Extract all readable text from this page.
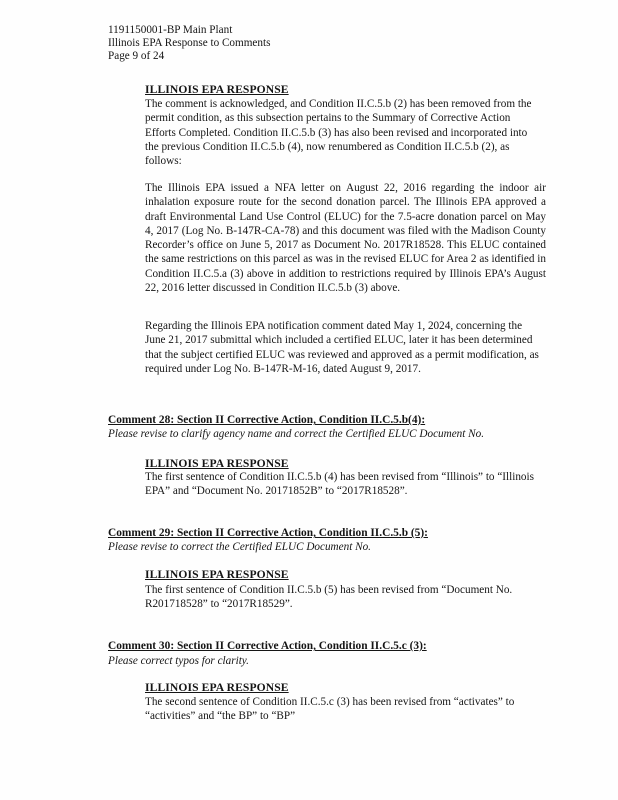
1191150001-BP Main Plant
Illinois EPA Response to Comments
Page 9 of 24
ILLINOIS EPA RESPONSE
The comment is acknowledged, and Condition II.C.5.b (2) has been removed from the permit condition, as this subsection pertains to the Summary of Corrective Action Efforts Completed. Condition II.C.5.b (3) has also been revised and incorporated into the previous Condition II.C.5.b (4), now renumbered as Condition II.C.5.b (2), as follows:
The Illinois EPA issued a NFA letter on August 22, 2016 regarding the indoor air inhalation exposure route for the second donation parcel. The Illinois EPA approved a draft Environmental Land Use Control (ELUC) for the 7.5-acre donation parcel on May 4, 2017 (Log No. B-147R-CA-78) and this document was filed with the Madison County Recorder’s office on June 5, 2017 as Document No. 2017R18528. This ELUC contained the same restrictions on this parcel as was in the revised ELUC for Area 2 as identified in Condition II.C.5.a (3) above in addition to restrictions required by Illinois EPA’s August 22, 2016 letter discussed in Condition II.C.5.b (3) above.
Regarding the Illinois EPA notification comment dated May 1, 2024, concerning the June 21, 2017 submittal which included a certified ELUC, later it has been determined that the subject certified ELUC was reviewed and approved as a permit modification, as required under Log No. B-147R-M-16, dated August 9, 2017.
Comment 28: Section II Corrective Action, Condition II.C.5.b(4):
Please revise to clarify agency name and correct the Certified ELUC Document No.
ILLINOIS EPA RESPONSE
The first sentence of Condition II.C.5.b (4) has been revised from “Illinois” to “Illinois EPA” and “Document No. 20171852B” to “2017R18528”.
Comment 29: Section II Corrective Action, Condition II.C.5.b (5):
Please revise to correct the Certified ELUC Document No.
ILLINOIS EPA RESPONSE
The first sentence of Condition II.C.5.b (5) has been revised from “Document No. R201718528” to “2017R18529”.
Comment 30: Section II Corrective Action, Condition II.C.5.c (3):
Please correct typos for clarity.
ILLINOIS EPA RESPONSE
The second sentence of Condition II.C.5.c (3) has been revised from “activates” to “activities” and “the BP” to “BP”
